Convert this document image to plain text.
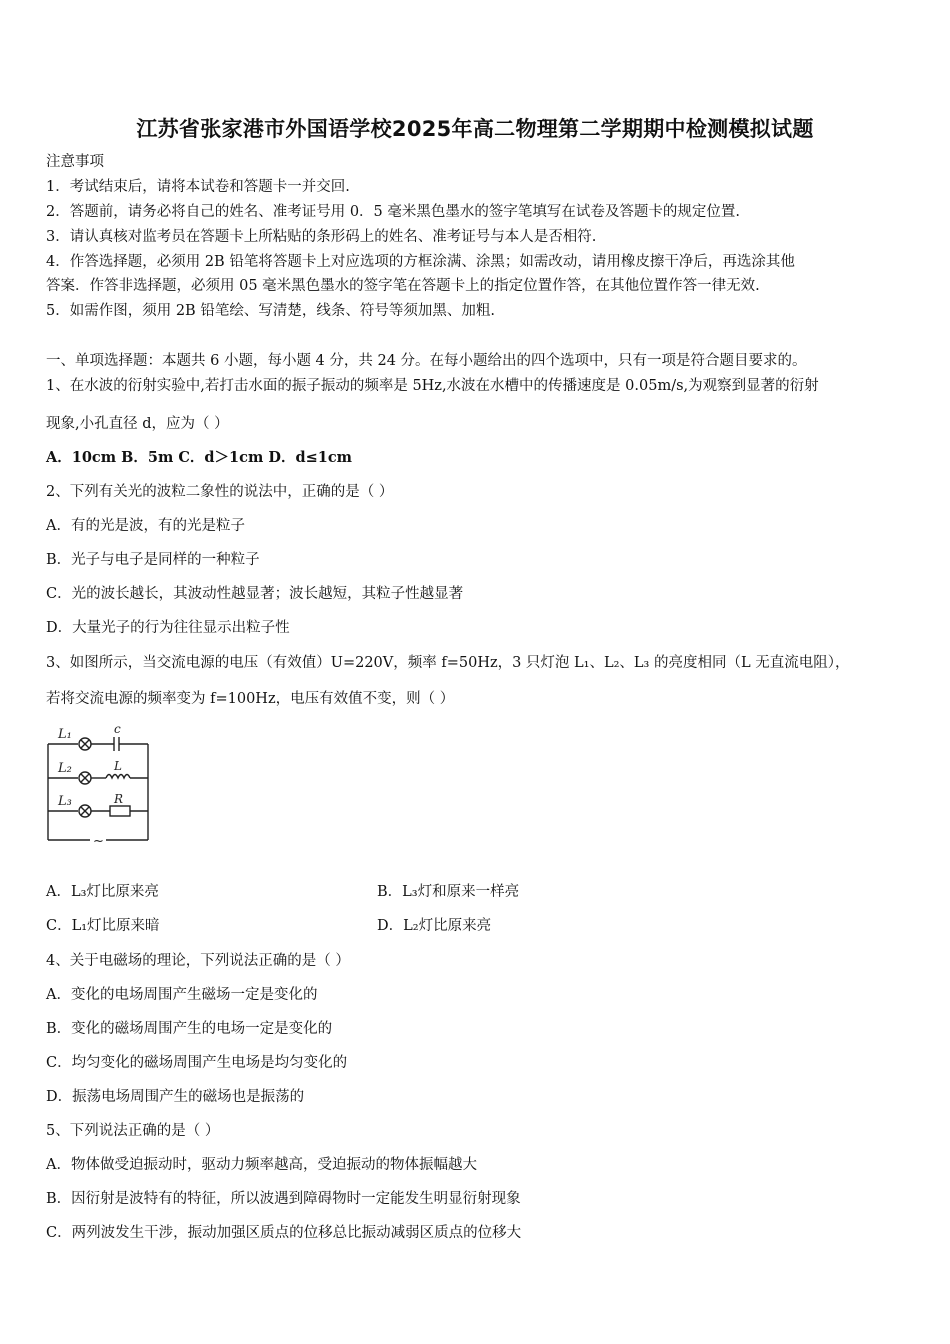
江苏省张家港市外国语学校2025年高二物理第二学期期中检测模拟试题
注意事项
1．考试结束后，请将本试卷和答题卡一并交回.
2．答题前，请务必将自己的姓名、准考证号用 0．5 毫米黑色墨水的签字笔填写在试卷及答题卡的规定位置.
3．请认真核对监考员在答题卡上所粘贴的条形码上的姓名、准考证号与本人是否相符.
4．作答选择题，必须用 2B 铅笔将答题卡上对应选项的方框涂满、涂黑；如需改动，请用橡皮擦干净后，再选涂其他
答案．作答非选择题，必须用 05 毫米黑色墨水的签字笔在答题卡上的指定位置作答，在其他位置作答一律无效.
5．如需作图，须用 2B 铅笔绘、写清楚，线条、符号等须加黑、加粗.
一、单项选择题：本题共 6 小题，每小题 4 分，共 24 分。在每小题给出的四个选项中，只有一项是符合题目要求的。
1、在水波的衍射实验中,若打击水面的振子振动的频率是 5Hz,水波在水槽中的传播速度是 0.05m/s,为观察到显著的衍射
现象,小孔直径 d，应为（ ）
A．10cm B．5m C．d＞1cm D．d≤1cm
2、下列有关光的波粒二象性的说法中，正确的是（ ）
A．有的光是波，有的光是粒子
B．光子与电子是同样的一种粒子
C．光的波长越长，其波动性越显著；波长越短，其粒子性越显著
D．大量光子的行为往往显示出粒子性
3、如图所示，当交流电源的电压（有效值）U=220V，频率 f=50Hz，3 只灯泡 L₁、L₂、L₃ 的亮度相同（L 无直流电阻），
若将交流电源的频率变为 f=100Hz，电压有效值不变，则（ ）
L₁	c
L₂	L
L₃	R
~
A．L₃灯比原来亮	B．L₃灯和原来一样亮
C．L₁灯比原来暗	D．L₂灯比原来亮
4、关于电磁场的理论，下列说法正确的是（ ）
A．变化的电场周围产生磁场一定是变化的
B．变化的磁场周围产生的电场一定是变化的
C．均匀变化的磁场周围产生电场是均匀变化的
D．振荡电场周围产生的磁场也是振荡的
5、下列说法正确的是（ ）
A．物体做受迫振动时，驱动力频率越高，受迫振动的物体振幅越大
B．因衍射是波特有的特征，所以波遇到障碍物时一定能发生明显衍射现象
C．两列波发生干涉，振动加强区质点的位移总比振动减弱区质点的位移大
